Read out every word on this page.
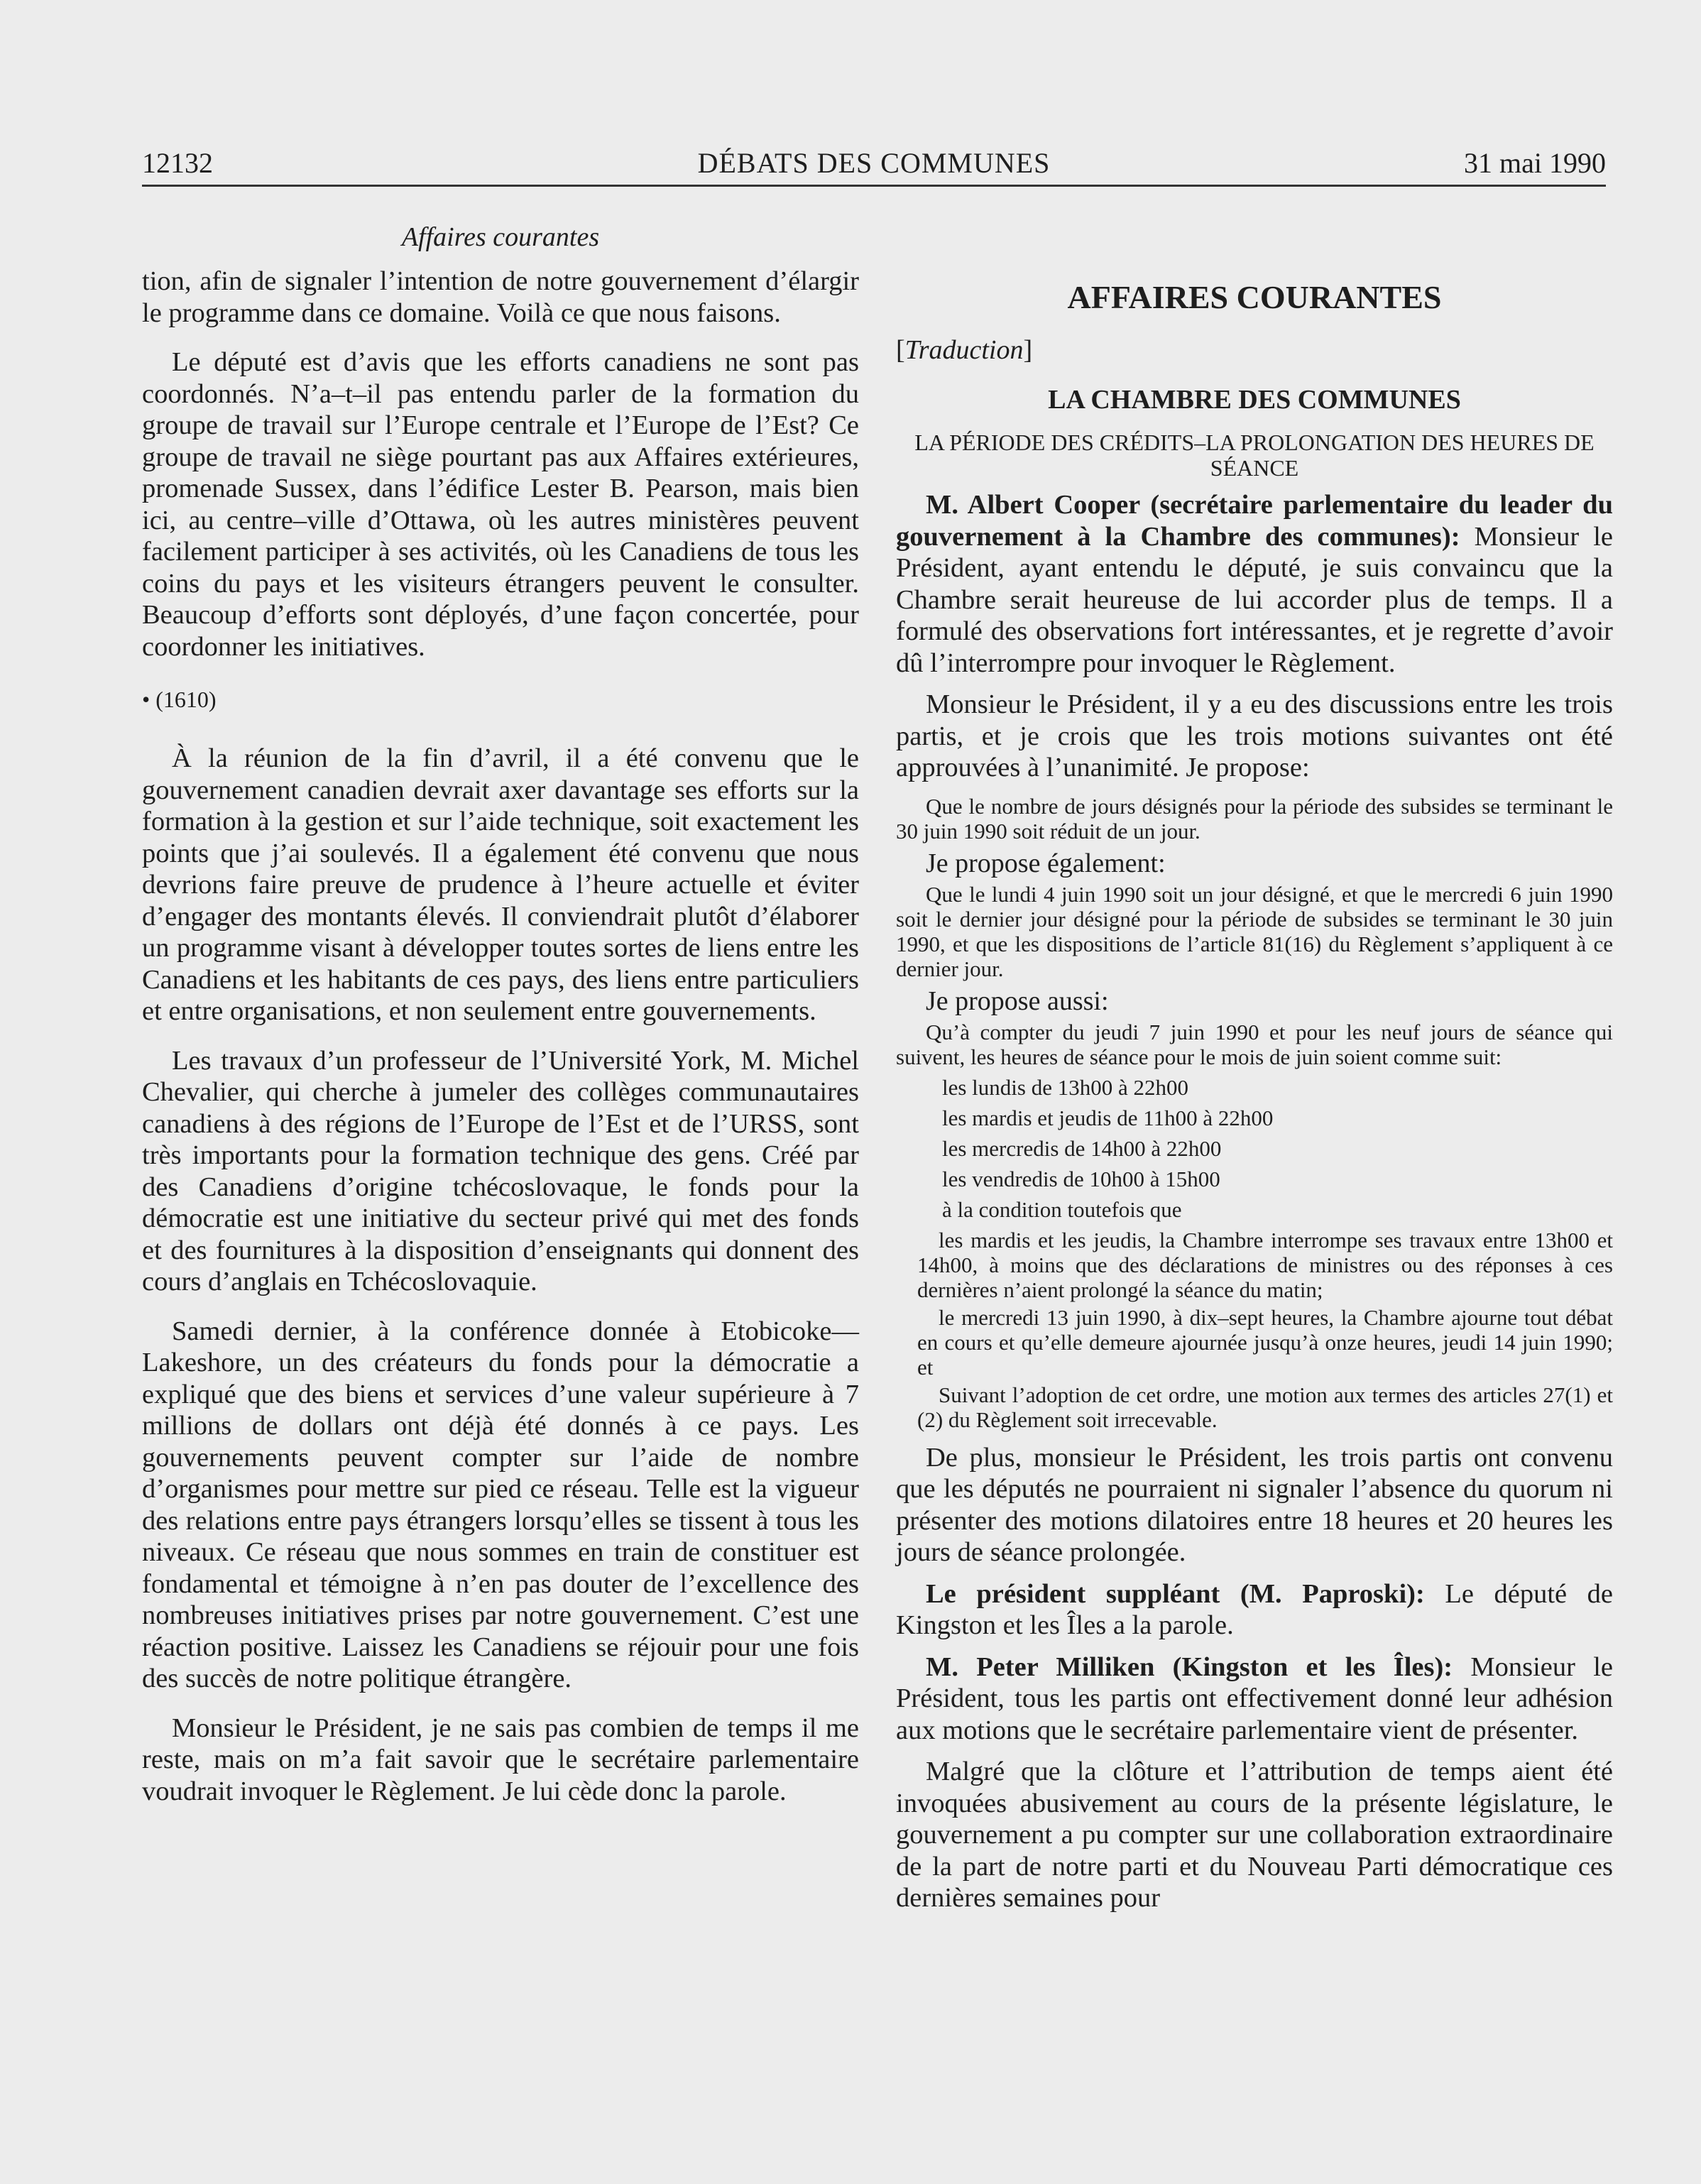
12132	DÉBATS DES COMMUNES	31 mai 1990
Affaires courantes

tion, afin de signaler l’intention de notre gouvernement d’élargir le programme dans ce domaine. Voilà ce que nous faisons.

Le député est d’avis que les efforts canadiens ne sont pas coordonnés. N’a–t–il pas entendu parler de la formation du groupe de travail sur l’Europe centrale et l’Europe de l’Est? Ce groupe de travail ne siège pourtant pas aux Affaires extérieures, promenade Sussex, dans l’édifice Lester B. Pearson, mais bien ici, au centre–ville d’Ottawa, où les autres ministères peuvent facilement participer à ses activités, où les Canadiens de tous les coins du pays et les visiteurs étrangers peuvent le consulter. Beaucoup d’efforts sont déployés, d’une façon concertée, pour coordonner les initiatives.

• (1610)

À la réunion de la fin d’avril, il a été convenu que le gouvernement canadien devrait axer davantage ses efforts sur la formation à la gestion et sur l’aide technique, soit exactement les points que j’ai soulevés. Il a également été convenu que nous devrions faire preuve de prudence à l’heure actuelle et éviter d’engager des montants élevés. Il conviendrait plutôt d’élaborer un programme visant à développer toutes sortes de liens entre les Canadiens et les habitants de ces pays, des liens entre particuliers et entre organisations, et non seulement entre gouvernements.

Les travaux d’un professeur de l’Université York, M. Michel Chevalier, qui cherche à jumeler des collèges communautaires canadiens à des régions de l’Europe de l’Est et de l’URSS, sont très importants pour la formation technique des gens. Créé par des Canadiens d’origine tchécoslovaque, le fonds pour la démocratie est une initiative du secteur privé qui met des fonds et des fournitures à la disposition d’enseignants qui donnent des cours d’anglais en Tchécoslovaquie.

Samedi dernier, à la conférence donnée à Etobicoke—Lakeshore, un des créateurs du fonds pour la démocratie a expliqué que des biens et services d’une valeur supérieure à 7 millions de dollars ont déjà été donnés à ce pays. Les gouvernements peuvent compter sur l’aide de nombre d’organismes pour mettre sur pied ce réseau. Telle est la vigueur des relations entre pays étrangers lorsqu’elles se tissent à tous les niveaux. Ce réseau que nous sommes en train de constituer est fondamental et témoigne à n’en pas douter de l’excellence des nombreuses initiatives prises par notre gouvernement. C’est une réaction positive. Laissez les Canadiens se réjouir pour une fois des succès de notre politique étrangère.

Monsieur le Président, je ne sais pas combien de temps il me reste, mais on m’a fait savoir que le secrétaire parlementaire voudrait invoquer le Règlement. Je lui cède donc la parole.

AFFAIRES COURANTES
[Traduction]
LA CHAMBRE DES COMMUNES
LA PÉRIODE DES CRÉDITS–LA PROLONGATION DES HEURES DE SÉANCE

M. Albert Cooper (secrétaire parlementaire du leader du gouvernement à la Chambre des communes): Monsieur le Président, ayant entendu le député, je suis convaincu que la Chambre serait heureuse de lui accorder plus de temps. Il a formulé des observations fort intéressantes, et je regrette d’avoir dû l’interrompre pour invoquer le Règlement.

Monsieur le Président, il y a eu des discussions entre les trois partis, et je crois que les trois motions suivantes ont été approuvées à l’unanimité. Je propose:

Que le nombre de jours désignés pour la période des subsides se terminant le 30 juin 1990 soit réduit de un jour.

Je propose également:

Que le lundi 4 juin 1990 soit un jour désigné, et que le mercredi 6 juin 1990 soit le dernier jour désigné pour la période de subsides se terminant le 30 juin 1990, et que les dispositions de l’article 81(16) du Règlement s’appliquent à ce dernier jour.

Je propose aussi:

Qu’à compter du jeudi 7 juin 1990 et pour les neuf jours de séance qui suivent, les heures de séance pour le mois de juin soient comme suit:

les lundis de 13h00 à 22h00

les mardis et jeudis de 11h00 à 22h00

les mercredis de 14h00 à 22h00

les vendredis de 10h00 à 15h00

à la condition toutefois que

les mardis et les jeudis, la Chambre interrompe ses travaux entre 13h00 et 14h00, à moins que des déclarations de ministres ou des réponses à ces dernières n’aient prolongé la séance du matin;

le mercredi 13 juin 1990, à dix–sept heures, la Chambre ajourne tout débat en cours et qu’elle demeure ajournée jusqu’à onze heures, jeudi 14 juin 1990; et

Suivant l’adoption de cet ordre, une motion aux termes des articles 27(1) et (2) du Règlement soit irrecevable.

De plus, monsieur le Président, les trois partis ont convenu que les députés ne pourraient ni signaler l’absence du quorum ni présenter des motions dilatoires entre 18 heures et 20 heures les jours de séance prolongée.

Le président suppléant (M. Paproski): Le député de Kingston et les Îles a la parole.

M. Peter Milliken (Kingston et les Îles): Monsieur le Président, tous les partis ont effectivement donné leur adhésion aux motions que le secrétaire parlementaire vient de présenter.

Malgré que la clôture et l’attribution de temps aient été invoquées abusivement au cours de la présente législature, le gouvernement a pu compter sur une collaboration extraordinaire de la part de notre parti et du Nouveau Parti démocratique ces dernières semaines pour
